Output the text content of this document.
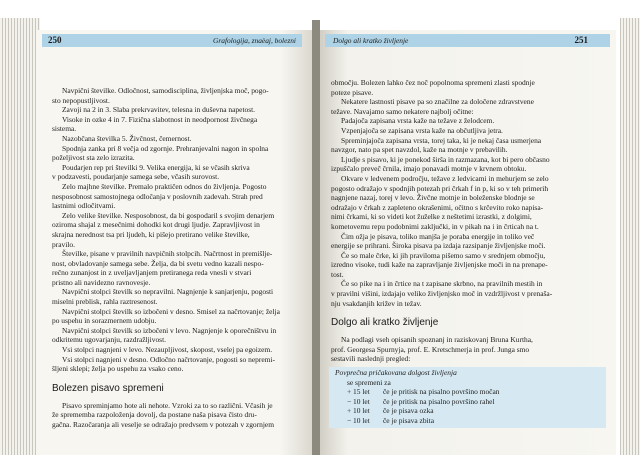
250	Grafologija, znaèaj, bolezni	Dolgo ali kratko življenje	251

Navpični številke. Odločnost, samodisciplina, življenjska moč, pogo-

sto nepopustljivost.

Zavoji na 2 in 3. Slaba prekrvavitev, telesna in duševna napetost.

Visoke in ozke 4 in 7. Fizična slabotnost in neodpornost živčnega

sistema.

Nazobčana številka 5. Živčnost, čemernost.

Spodnja zanka pri 8 večja od zgornje. Prehranjevalni nagon in spolna

poželjivost sta zelo izrazita.

Poudarjen rep pri številki 9. Velika energija, ki se včasih skriva

v podzavesti, poudarjanje samega sebe, včasih surovost.

Zelo majhne številke. Premalo praktičen odnos do življenja. Pogosto

nesposobnost samostojnega odločanja v poslovnih zadevah. Strah pred

lastnimi odločitvami.

Zelo velike številke. Nesposobnost, da bi gospodaril s svojim denarjem

oziroma shajal z mesečnimi dohodki kot drugi ljudje. Zapravljivost in

skrajna nerednost tsa pri ljudeh, ki pišejo pretirano velike številke,

pravilo.

Številke, pisane v pravilnih navpičnih stolpcih. Načrtnost in premišlje-

nost, obvladovanje samega sebe. Želja, da bi svetu vedno kazali nespo-

rečno zunanjost in z uveljavljanjem pretiranega reda vnesli v stvari

pristno ali navidezno ravnovesje.

Navpični stolpci številk so nepravilni. Nagnjenje k sanjarjenju, pogosti

miselni preblisk, rahla raztresenost.

Navpični stolpci številk so izbočeni v desno. Smisel za načrtovanje; želja

po uspehu in sorazmernem udobju.

Navpični stolpci številk so izbočeni v levo. Nagnjenje k oporečništvu in

odkritemu ugovarjanju, razdražljivost.

Vsi stolpci nagnjeni v levo. Nezaupljivost, skopost, vselej pa egoizem.

Vsi stolpci nagnjeni v desno. Odločno načrtovanje, pogosti so nepremi-

šljeni sklepi; želja po uspehu za vsako ceno.

Bolezen pisavo spremeni

Pisavo spreminjamo hote ali nehote. Vzroki za to so različni. Včasih je

že sprememba razpoloženja dovolj, da postane naša pisava čisto dru-

gačna. Razočaranja ali veselje se odražajo predvsem v potezah v zgornjem

območju. Bolezen lahko čez noč popolnoma spremeni zlasti spodnje

poteze pisave.

Nekatere lastnosti pisave pa so značilne za določene zdravstvene

težave. Navajamo samo nekatere najbolj očitne:

Padajoča zapisana vrsta kaže na težave z želodcem.

Vzpenjajoča se zapisana vrsta kaže na občutljiva jetra.

Spreminjajoča zapisana vrsta, torej taka, ki je nekaj časa usmerjena

navzgor, nato pa spet navzdol, kaže na motnje v prebavilih.

Ljudje s pisavo, ki je ponekod širša in razmazana, kot bi pero občasno

izpuščalo preveč črnila, imajo ponavadi motnje v krvnem obtoku.

Okvare v ledvenem področju, težave z ledvicami in mehurjem se zelo

pogosto odražajo v spodnjih potezah pri črkah f in p, ki so v teh primerih

nagnjene nazaj, torej v levo. Živčne motnje in boleženske blodnje se

odražajo v črkah z zapleteno okrašenimi, očitno s krčevito roko napisa-

nimi črkami, ki so videti kot žuželke z neštetimi izrastki, z dolgimi,

kometovemu repu podobnimi zaključki, in v pikah na i in črticah na t.

Čim ožja je pisava, toliko manjša je poraba energije in toliko več

energije se prihrani. Široka pisava pa izdaja razsipanje življenjske moči.

Če so male črke, ki jih praviloma pišemo samo v srednjem območju,

izredno visoke, tudi kaže na zapravljanje življenjske moči in na prenape-

tost.

Če so pike na i in črtice na t zapisane skrbno, na pravilnih mestih in

v pravilni višini, izdajajo veliko življenjsko moč in vzdržljivost v prenaša-

nju vsakdanjih križev in težav.

Dolgo ali kratko življenje

Na podlagi vseh opisanih spoznanj in raziskovanj Bruna Kurtha,

prof. Georgesa Spurnyja, prof. E. Kretschmerja in prof. Junga smo

sestavili naslednji pregled:

Povprečna pričakovana dolgost življenja

se spremeni za

+ 15 let če je pritisk na pisalno površino močan

− 10 let če je pritisk na pisalno površino rahel

+ 10 let če je pisava ozka

− 10 let če je pisava zbita
